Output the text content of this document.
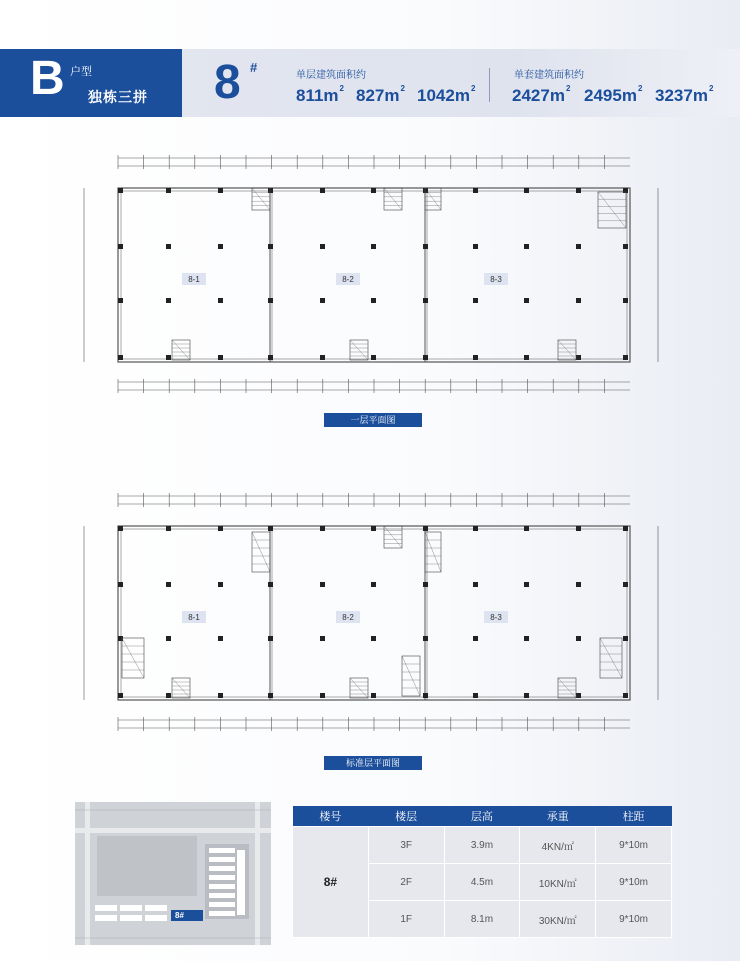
B 户型
独栋三拼 8 #
单层建筑面积约
$811m^2$ $827m^2$ $1042m^2$
单套建筑面积约
$2427m^2$ $2495m^2$ $3237m^2$
8-1	8-2	8-3
一层平面图
8-1	8-2	8-3
标准层平面图
8#
楼号	楼层	层高	承重	柱距
8#	3F	3.9m	4KN/㎡	9*10m
	2F	4.5m	10KN/㎡	9*10m
	1F	8.1m	30KN/㎡	9*10m
